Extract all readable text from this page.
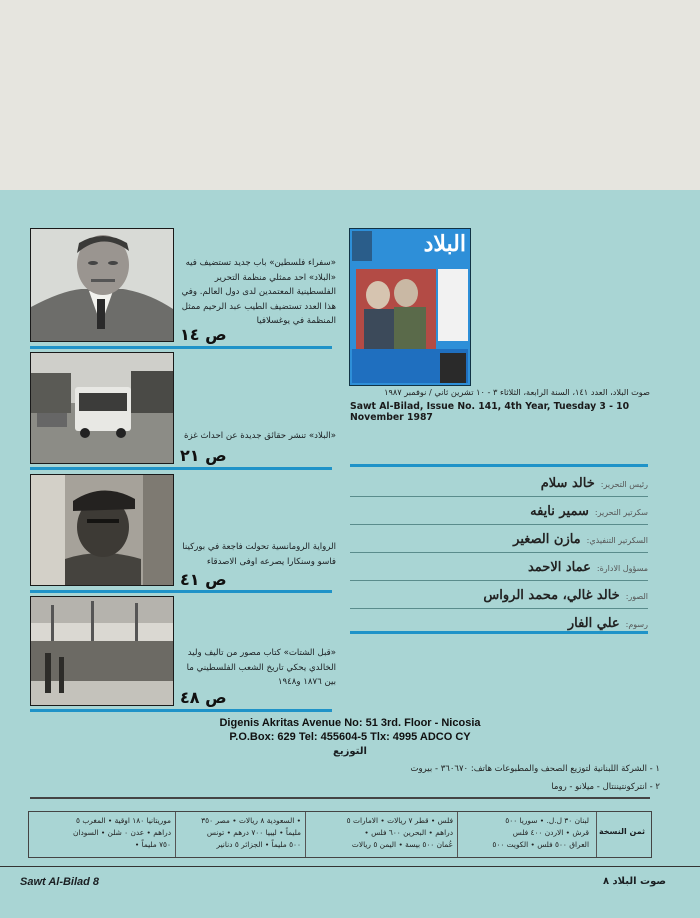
«سفراء فلسطين» باب جديد تستضيف فيه «البلاد» احد ممثلي منظمة التحرير الفلسطينية المعتمدين لدى دول العالم. وفي هذا العدد تستضيف الطيب عبد الرحيم ممثل المنظمة في يوغسلافيا
ص ١٤
«البلاد» تنشر حقائق جديدة عن احداث غزة
ص ٢١
الرواية الرومانسية تحولت فاجعة في بوركينا فاسو وسنكارا يصرعه اوفى الاصدقاء
ص ٤١
«قبل الشتات» كتاب مصور من تاليف وليد الخالدي يحكي تاريخ الشعب الفلسطيني ما بين ١٨٧٦ و١٩٤٨
ص ٤٨
البلاد
صوت البلاد، العدد ١٤١، السنة الرابعة، الثلاثاء ٣ - ١٠ تشرين ثاني / نوفمبر ١٩٨٧
Sawt Al-Bilad, Issue No. 141, 4th Year, Tuesday 3 - 10 November 1987
رئيس التحرير:خالد سلام
سكرتير التحرير:سمير نايفه
السكرتير التنفيذي:مازن الصغير
مسؤول الادارة:عماد الاحمد
الصور:خالد غالي، محمد الرواس
رسوم:علي الفار
Digenis Akritas Avenue No: 51 3rd. Floor - Nicosia
P.O.Box: 629 Tel: 455604-5 Tlx: 4995 ADCO CY
التوزيع
١ - الشركة اللبنانية لتوزيع الصحف والمطبوعات هاتف: ٣٦٠٦٧٠ - بيروت
٢ - انتركونتيننتال - ميلانو - روما
ثمن النسخة
لبنان ٣٠ ل.ل. • سوريا ٥٠٠
قرش • الاردن ٤٠٠ فلس
العراق ٥٠٠ فلس • الكويت ٥٠٠
فلس • قطر ٧ ريالات • الامارات ٥
دراهم • البحرين ٦٠٠ فلس •
عُمان ٥٠٠ بيسة • اليمن ٥ ريالات
• السعودية ٨ ريالات • مصر ٣٥٠
مليماً • ليبيا ٧٠٠ درهم • تونس
٥٠٠ مليماً • الجزائر ٥ دنانير
موريتانيا ١٨٠ اوقية • المغرب ٥
دراهم • عدن ٠ شلن • السودان
٧٥٠ مليماً •
Sawt Al-Bilad 8	صوت البلاد ٨
